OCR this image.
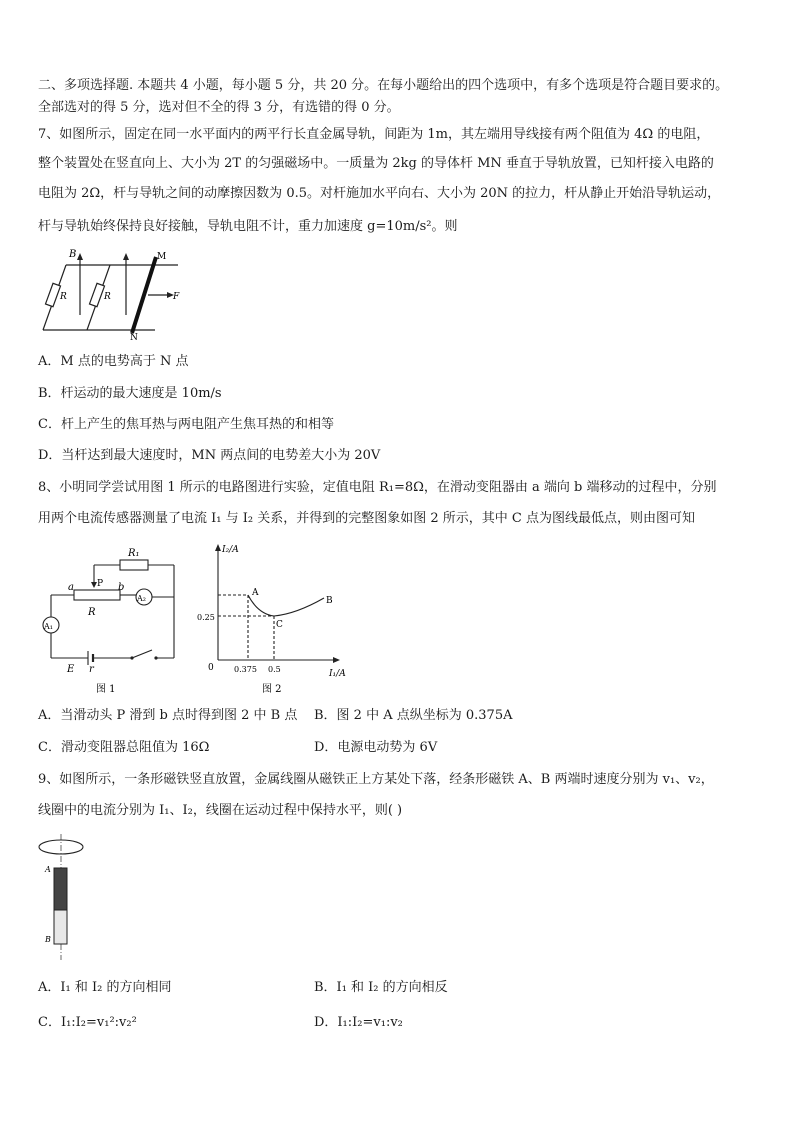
二、多项选择题. 本题共 4 小题，每小题 5 分，共 20 分。在每小题给出的四个选项中，有多个选项是符合题目要求的。
全部选对的得 5 分，选对但不全的得 3 分，有选错的得 0 分。
7、如图所示，固定在同一水平面内的两平行长直金属导轨，间距为 1m，其左端用导线接有两个阻值为 4Ω 的电阻，
整个装置处在竖直向上、大小为 2T 的匀强磁场中。一质量为 2kg 的导体杆 MN 垂直于导轨放置，已知杆接入电路的
电阻为 2Ω，杆与导轨之间的动摩擦因数为 0.5。对杆施加水平向右、大小为 20N 的拉力，杆从静止开始沿导轨运动，
杆与导轨始终保持良好接触，导轨电阻不计，重力加速度 g=10m/s²。则
B
R	R
M
N
F
A．M 点的电势高于 N 点
B．杆运动的最大速度是 10m/s
C．杆上产生的焦耳热与两电阻产生焦耳热的和相等
D．当杆达到最大速度时，MN 两点间的电势差大小为 20V
8、小明同学尝试用图 1 所示的电路图进行实验，定值电阻 R₁=8Ω，在滑动变阻器由 a 端向 b 端移动的过程中，分别
用两个电流传感器测量了电流 I₁ 与 I₂ 关系，并得到的完整图象如图 2 所示，其中 C 点为图线最低点，则由图可知
R₁
P
a	b
R
A₂
A₁
E r
图 1
I₂/A
I₁/A
0
0.25
0.375 0.5
A
C
B
图 2
A．当滑动头 P 滑到 b 点时得到图 2 中 B 点 B．图 2 中 A 点纵坐标为 0.375A
C．滑动变阻器总阻值为 16Ω	D．电源电动势为 6V
9、如图所示，一条形磁铁竖直放置，金属线圈从磁铁正上方某处下落，经条形磁铁 A、B 两端时速度分别为 v₁、v₂，
线圈中的电流分别为 I₁、I₂，线圈在运动过程中保持水平，则( )
A
B
A．I₁ 和 I₂ 的方向相同	B．I₁ 和 I₂ 的方向相反
C．I₁:I₂=v₁²:v₂²	D．I₁:I₂=v₁:v₂
